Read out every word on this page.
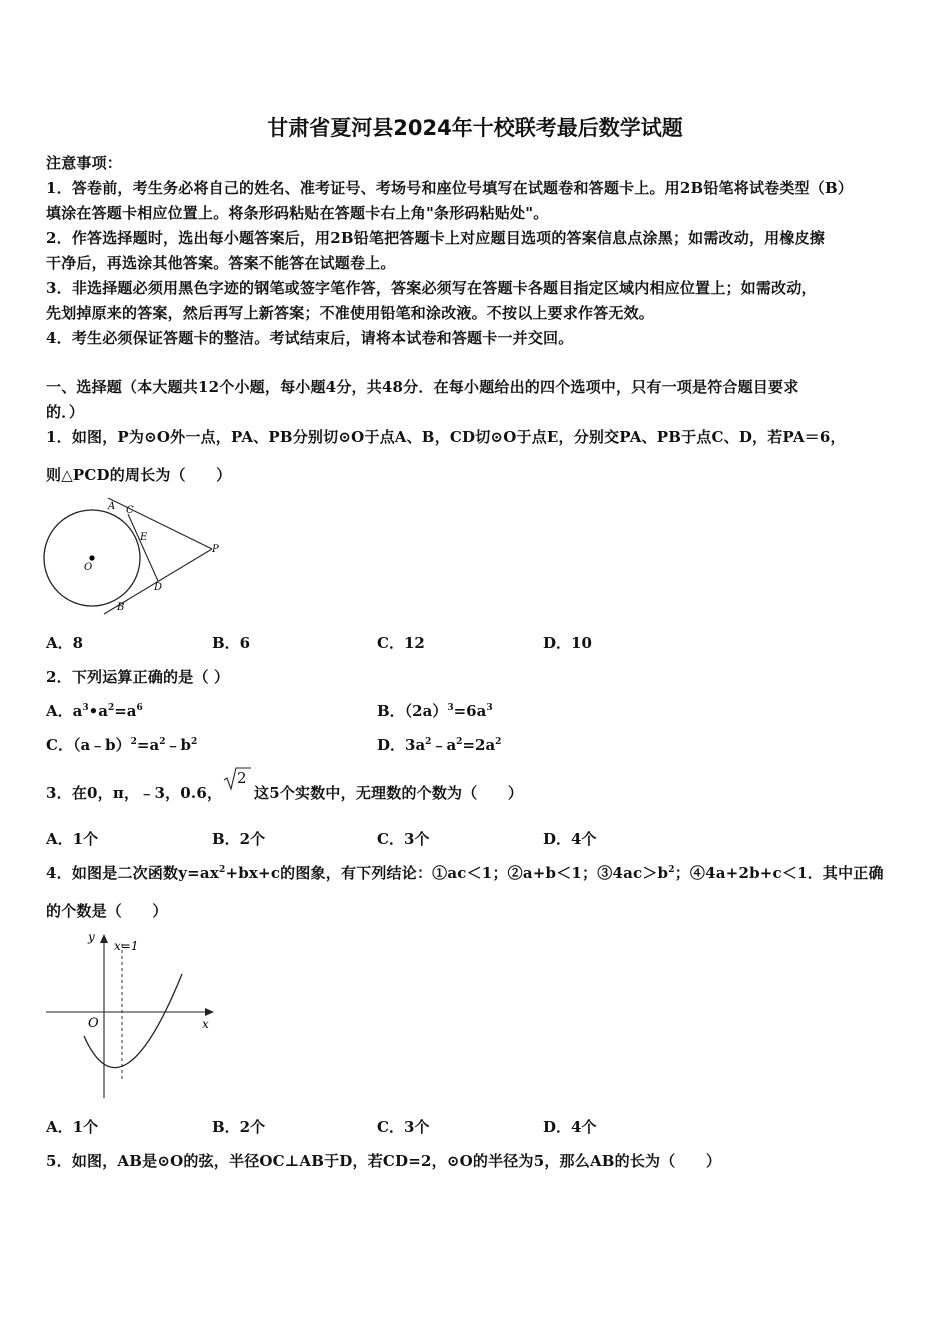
甘肃省夏河县2024年十校联考最后数学试题
注意事项：
1．答卷前，考生务必将自己的姓名、准考证号、考场号和座位号填写在试题卷和答题卡上。用2B铅笔将试卷类型（B）
填涂在答题卡相应位置上。将条形码粘贴在答题卡右上角"条形码粘贴处"。
2．作答选择题时，选出每小题答案后，用2B铅笔把答题卡上对应题目选项的答案信息点涂黑；如需改动，用橡皮擦
干净后，再选涂其他答案。答案不能答在试题卷上。
3．非选择题必须用黑色字迹的钢笔或签字笔作答，答案必须写在答题卡各题目指定区域内相应位置上；如需改动，
先划掉原来的答案，然后再写上新答案；不准使用铅笔和涂改液。不按以上要求作答无效。
4．考生必须保证答题卡的整洁。考试结束后，请将本试卷和答题卡一并交回。
一、选择题（本大题共12个小题，每小题4分，共48分．在每小题给出的四个选项中，只有一项是符合题目要求
的．）
1．如图，P为⊙O外一点，PA、PB分别切⊙O于点A、B，CD切⊙O于点E，分别交PA、PB于点C、D，若PA＝6，
则△PCD的周长为（　　）
A C
E
P
O
D
B
A．8	B．6	C．12	D．10
2．下列运算正确的是（ ）
A．$a^3•a^2=a^6$	B．$(2a)^3=6a^3$
C．$(a﹣b)^2=a^2﹣b^2$	D．$3a^2﹣a^2=2a^2$
3．在0，π，﹣3，0.6，
2
这5个实数中，无理数的个数为（　　）
A．1个	B．2个	C．3个	D．4个
4．如图是二次函数$y=ax^2+bx+c$的图象，有下列结论：①ac＜1；②a+b＜1；$③4ac>b^2$；④4a+2b+c＜1．其中正确
的个数是（　　）
y
x=1
O	x
A．1个	B．2个	C．3个	D．4个
5．如图，AB是⊙O的弦，半径OC⊥AB于D，若CD=2，⊙O的半径为5，那么AB的长为（　　）
